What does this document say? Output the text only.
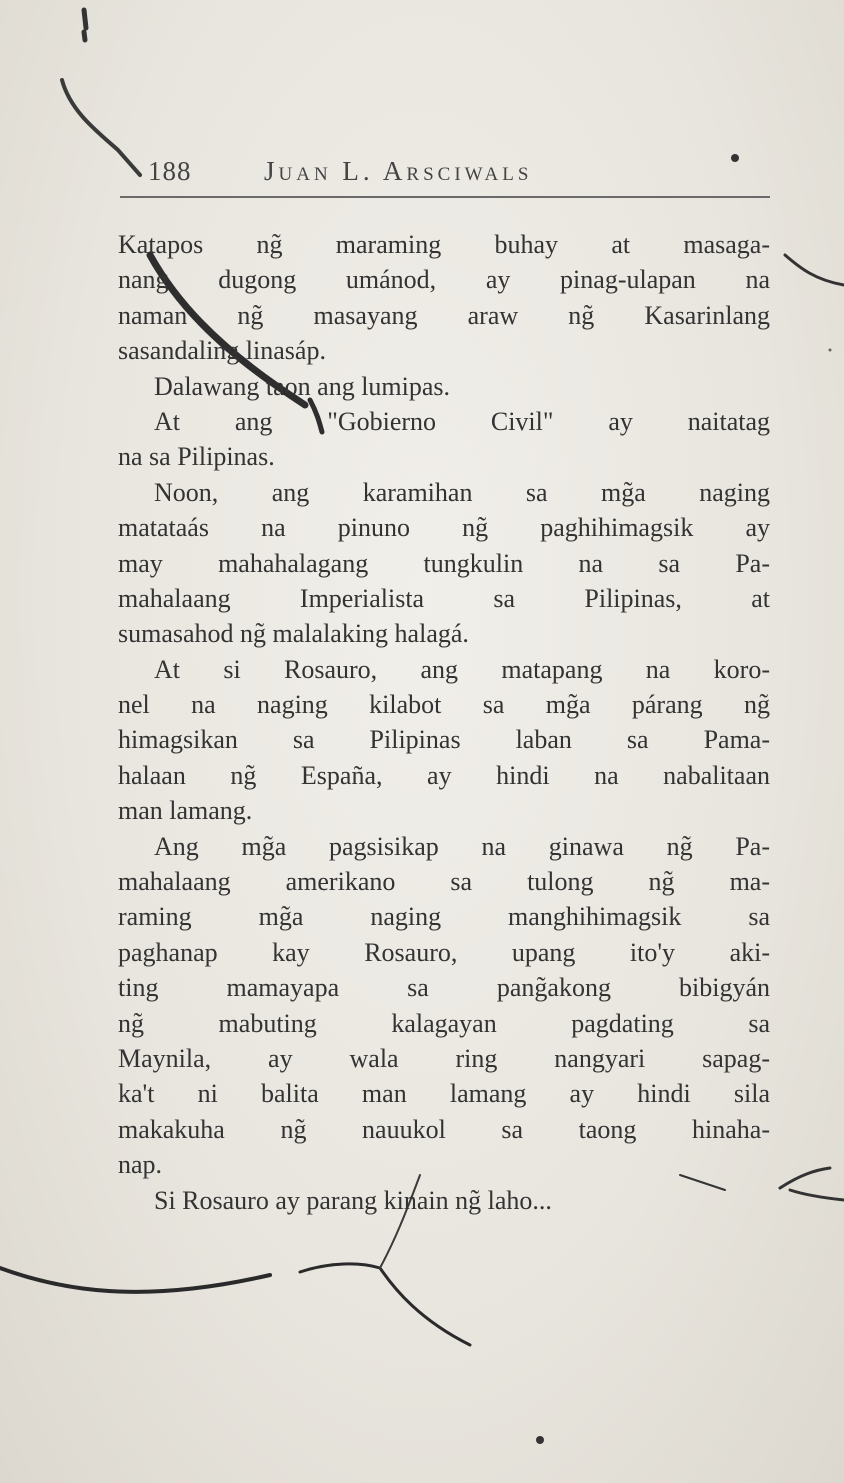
188	Juan L. Arsciwals
Katapos ng̃ maraming buhay at masaga-
nang dugong umánod, ay pinag-ulapan na
naman ng̃ masayang araw ng̃ Kasarinlang
sasandaling linasáp.
Dalawang taon ang lumipas.
At ang "Gobierno Civil" ay naitatag
na sa Pilipinas.
Noon, ang karamihan sa mg̃a naging
matataás na pinuno ng̃ paghihimagsik ay
may mahahalagang tungkulin na sa Pa-
mahalaang Imperialista sa Pilipinas, at
sumasahod ng̃ malalaking halagá.
At si Rosauro, ang matapang na koro-
nel na naging kilabot sa mg̃a párang ng̃
himagsikan sa Pilipinas laban sa Pama-
halaan ng̃ España, ay hindi na nabalitaan
man lamang.
Ang mg̃a pagsisikap na ginawa ng̃ Pa-
mahalaang amerikano sa tulong ng̃ ma-
raming mg̃a naging manghihimagsik sa
paghanap kay Rosauro, upang ito'y aki-
ting mamayapa sa pang̃akong bibigyán
ng̃ mabuting kalagayan pagdating sa
Maynila, ay wala ring nangyari sapag-
ka't ni balita man lamang ay hindi sila
makakuha ng̃ nauukol sa taong hinaha-
nap.
Si Rosauro ay parang kinain ng̃ laho...
